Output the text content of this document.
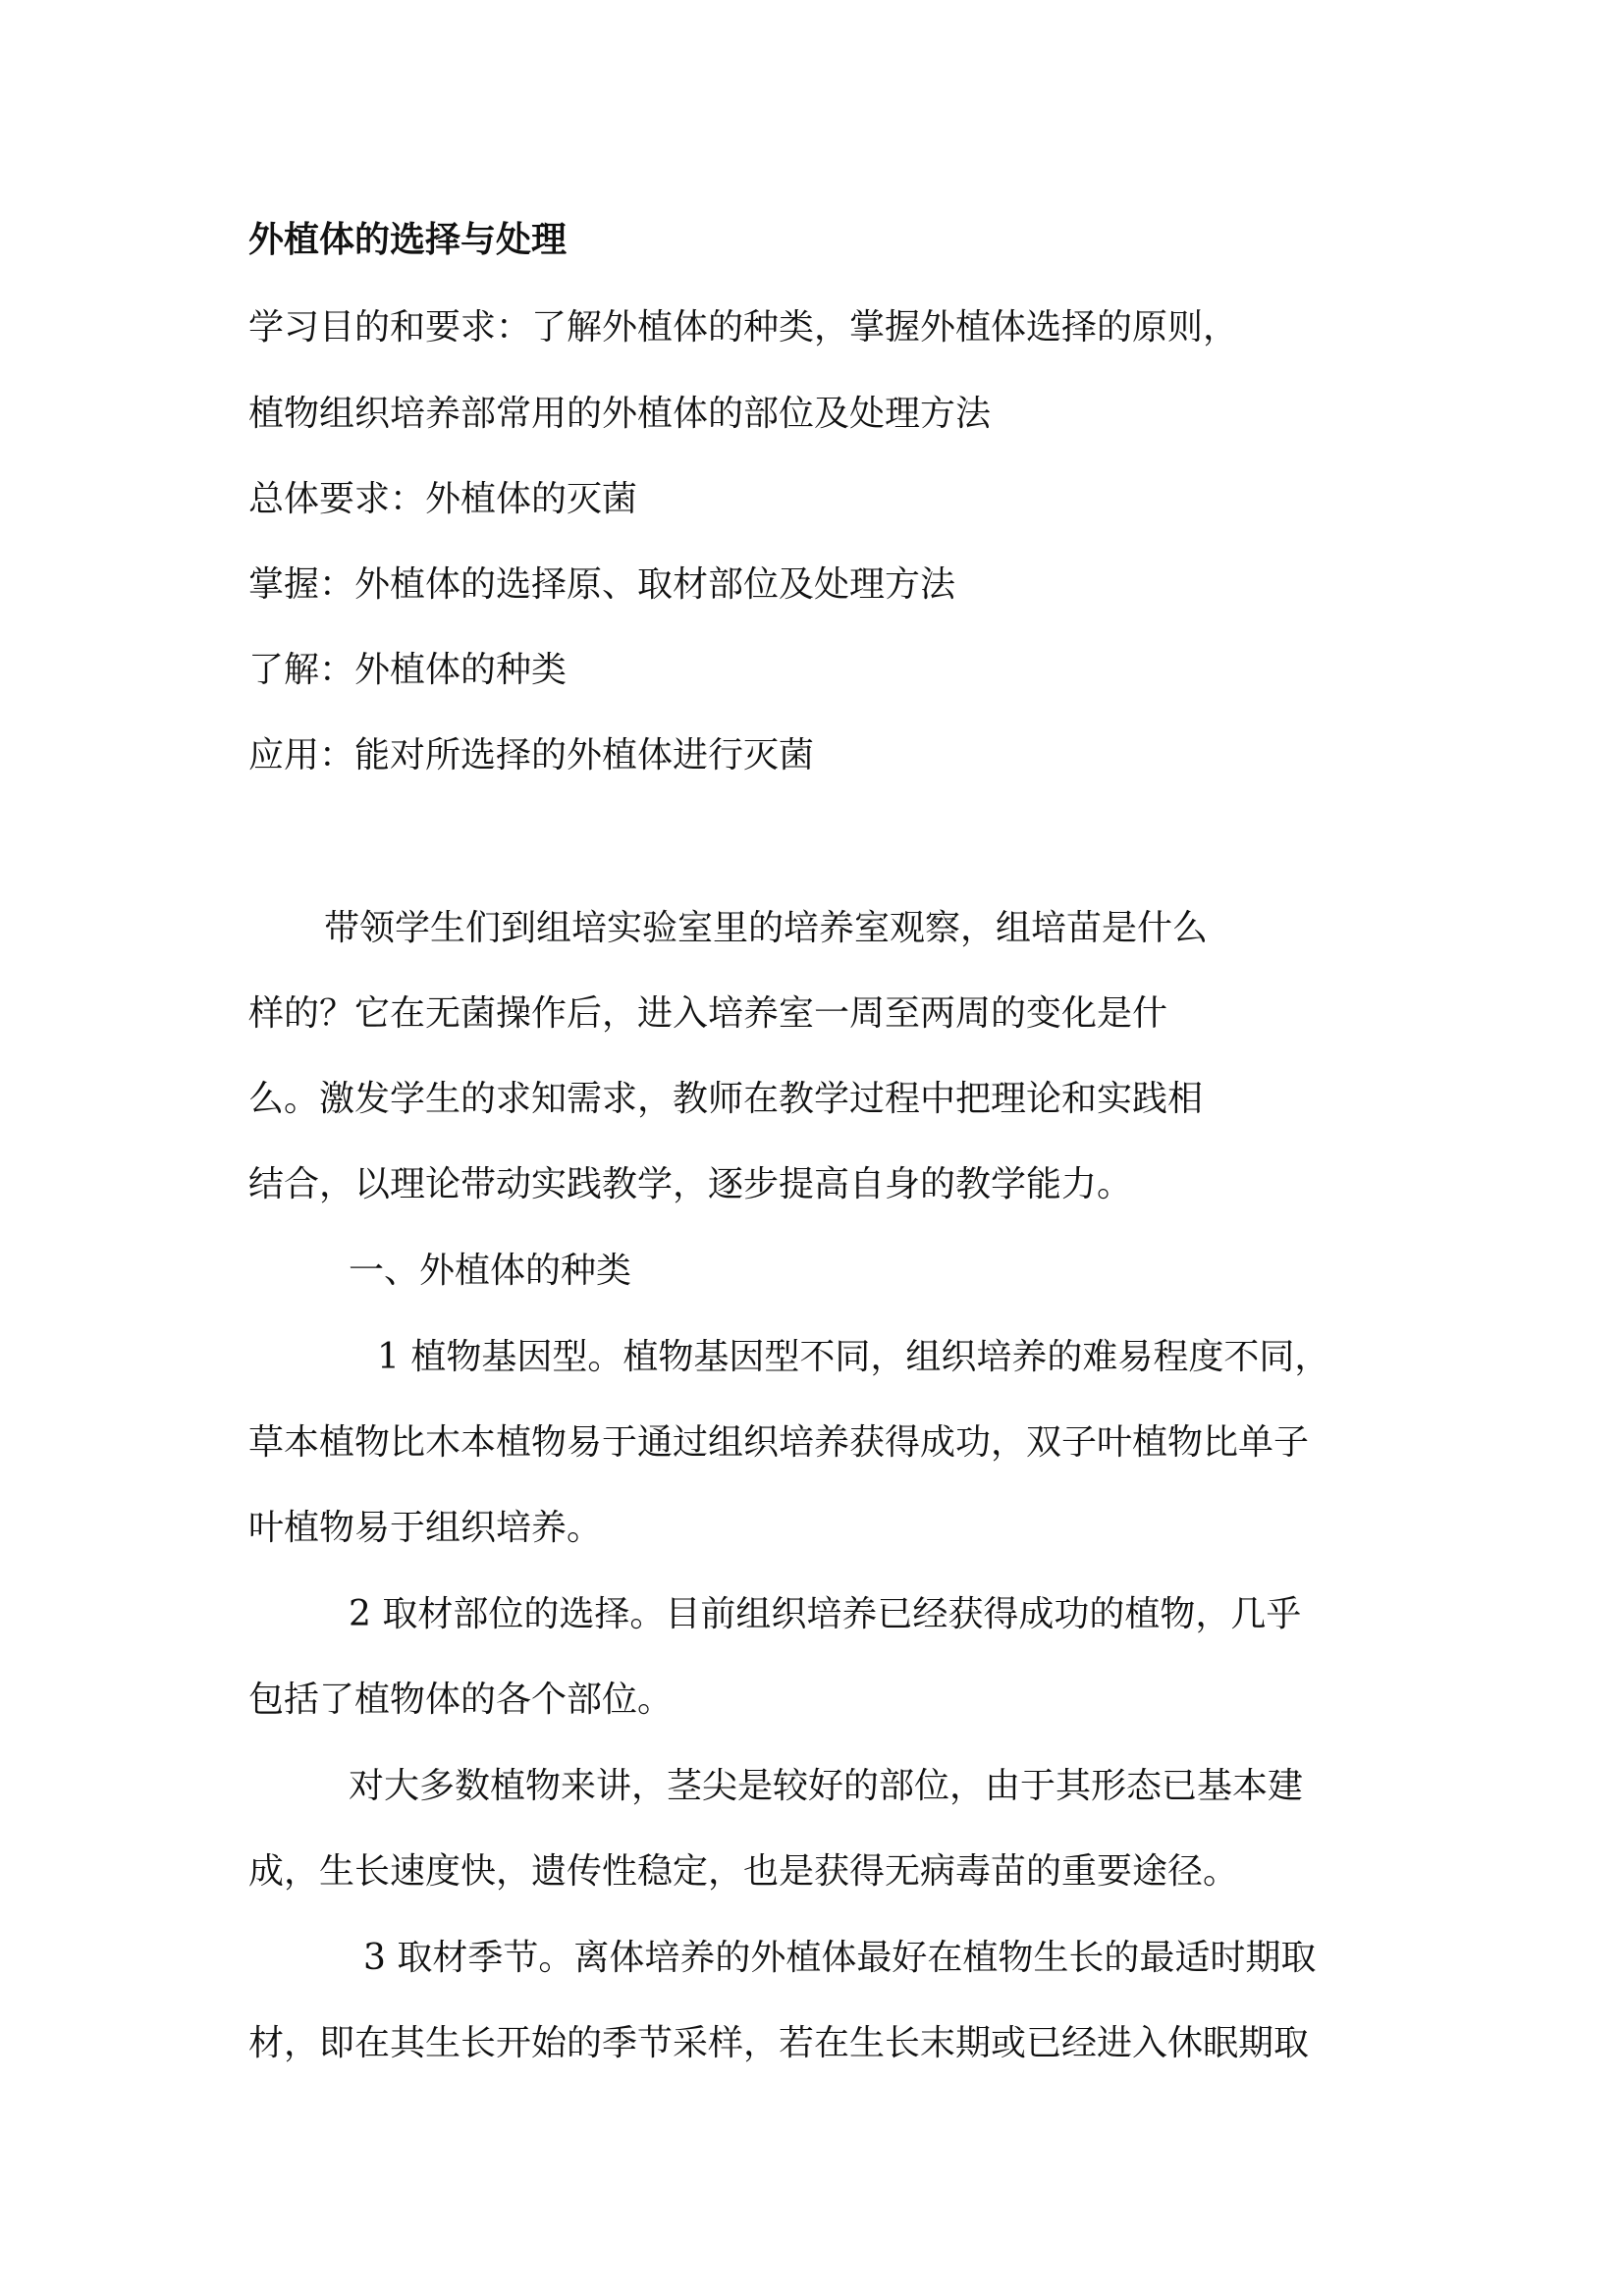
外植体的选择与处理
学习目的和要求：了解外植体的种类，掌握外植体选择的原则，
植物组织培养部常用的外植体的部位及处理方法
总体要求：外植体的灭菌
掌握：外植体的选择原、取材部位及处理方法
了解：外植体的种类
应用：能对所选择的外植体进行灭菌
带领学生们到组培实验室里的培养室观察，组培苗是什么
样的？它在无菌操作后，进入培养室一周至两周的变化是什
么。激发学生的求知需求，教师在教学过程中把理论和实践相
结合，以理论带动实践教学，逐步提高自身的教学能力。
一、外植体的种类
1 植物基因型。植物基因型不同，组织培养的难易程度不同，
草本植物比木本植物易于通过组织培养获得成功，双子叶植物比单子
叶植物易于组织培养。
2 取材部位的选择。目前组织培养已经获得成功的植物，几乎
包括了植物体的各个部位。
对大多数植物来讲，茎尖是较好的部位，由于其形态已基本建
成，生长速度快，遗传性稳定，也是获得无病毒苗的重要途径。
3 取材季节。离体培养的外植体最好在植物生长的最适时期取
材，即在其生长开始的季节采样，若在生长末期或已经进入休眠期取
